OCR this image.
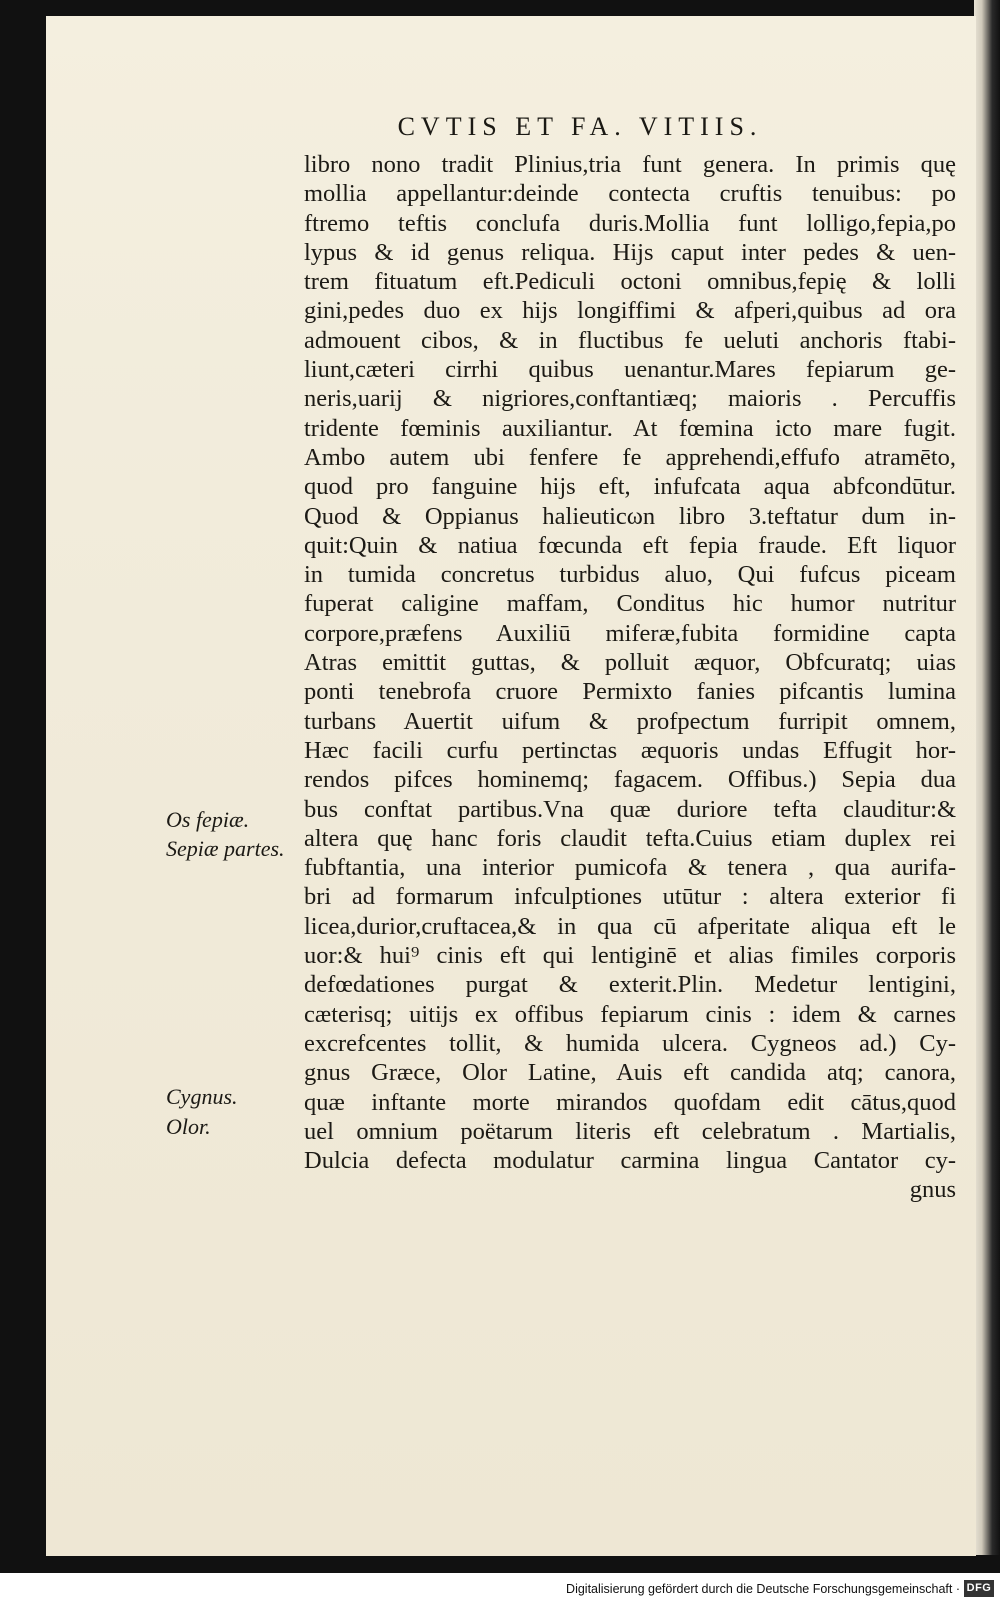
CVTIS ET FA. VITIIS.
libro nono tradit Plinius,tria funt genera. In primis quę
mollia appellantur:deinde contecta cruftis tenuibus: po
ftremo teftis conclufa duris.Mollia funt lolligo,fepia,po
lypus & id genus reliqua. Hijs caput inter pedes & uen-
trem fituatum eft.Pediculi octoni omnibus,fepię & lolli
gini,pedes duo ex hijs longiffimi & afperi,quibus ad ora
admouent cibos, & in fluctibus fe ueluti anchoris ftabi-
liunt,cæteri cirrhi quibus uenantur.Mares fepiarum ge-
neris,uarij & nigriores,conftantiæq; maioris . Percuffis
tridente fœminis auxiliantur. At fœmina icto mare fugit.
Ambo autem ubi fenfere fe apprehendi,effufo atramēto,
quod pro fanguine hijs eft, infufcata aqua abfcondūtur.
Quod & Oppianus halieuticωn libro 3.teftatur dum in-
quit:Quin & natiua fœcunda eft fepia fraude. Eft liquor
in tumida concretus turbidus aluo, Qui fufcus piceam
fuperat caligine maffam, Conditus hic humor nutritur
corpore,præfens Auxiliū miferæ,fubita formidine capta
Atras emittit guttas, & polluit æquor, Obfcuratq; uias
ponti tenebrofa cruore Permixto fanies pifcantis lumina
turbans Auertit uifum & profpectum furripit omnem,
Hæc facili curfu pertinctas æquoris undas Effugit hor-
rendos pifces hominemq; fagacem. Offibus.) Sepia dua
bus conftat partibus.Vna quæ duriore tefta clauditur:&
altera quę hanc foris claudit tefta.Cuius etiam duplex rei
fubftantia, una interior pumicofa & tenera , qua aurifa-
bri ad formarum infculptiones utūtur : altera exterior fi
licea,durior,cruftacea,& in qua cū afperitate aliqua eft le
uor:& hui⁹ cinis eft qui lentiginē et alias fimiles corporis
defœdationes purgat & exterit.Plin. Medetur lentigini,
cæterisq; uitijs ex offibus fepiarum cinis : idem & carnes
excrefcentes tollit, & humida ulcera. Cygneos ad.) Cy-
gnus Græce, Olor Latine, Auis eft candida atq; canora,
quæ inftante morte mirandos quofdam edit cātus,quod
uel omnium poëtarum literis eft celebratum . Martialis,
Dulcia defecta modulatur carmina lingua Cantator cy-
gnus
Os fepiæ.
Sepiæ partes.
Cygnus.
Olor.
Digitalisierung gefördert durch die Deutsche Forschungsgemeinschaft · DFG
